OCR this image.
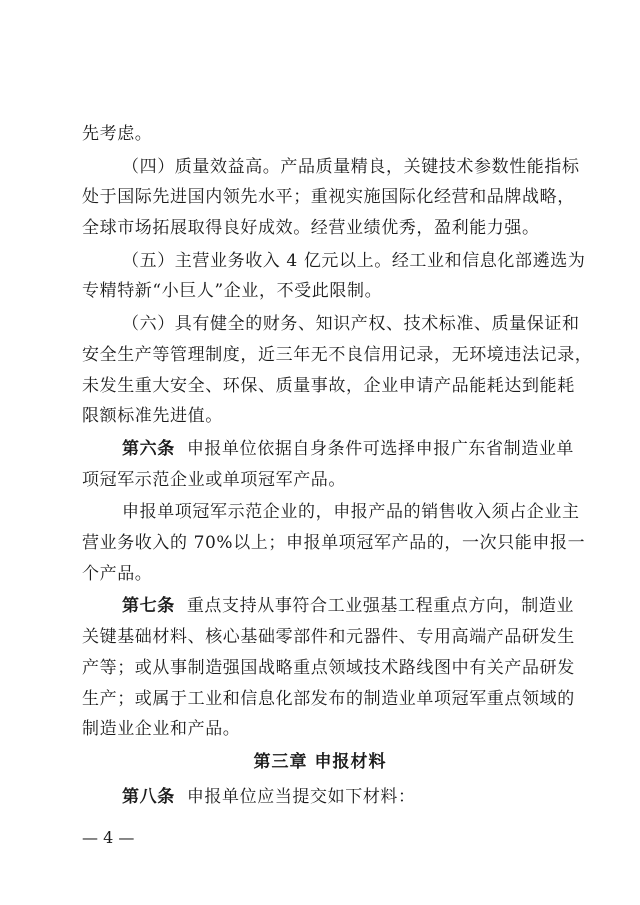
先考虑。
（四）质量效益高。产品质量精良，关键技术参数性能指标
处于国际先进国内领先水平；重视实施国际化经营和品牌战略，
全球市场拓展取得良好成效。经营业绩优秀，盈利能力强。
（五）主营业务收入 4 亿元以上。经工业和信息化部遴选为
专精特新“小巨人”企业，不受此限制。
（六）具有健全的财务、知识产权、技术标准、质量保证和
安全生产等管理制度，近三年无不良信用记录，无环境违法记录，
未发生重大安全、环保、质量事故，企业申请产品能耗达到能耗
限额标准先进值。
第六条 申报单位依据自身条件可选择申报广东省制造业单
项冠军示范企业或单项冠军产品。
申报单项冠军示范企业的，申报产品的销售收入须占企业主
营业务收入的 70%以上；申报单项冠军产品的，一次只能申报一
个产品。
第七条 重点支持从事符合工业强基工程重点方向，制造业
关键基础材料、核心基础零部件和元器件、专用高端产品研发生
产等；或从事制造强国战略重点领域技术路线图中有关产品研发
生产；或属于工业和信息化部发布的制造业单项冠军重点领域的
制造业企业和产品。
第三章 申报材料
第八条 申报单位应当提交如下材料：
— 4 —
